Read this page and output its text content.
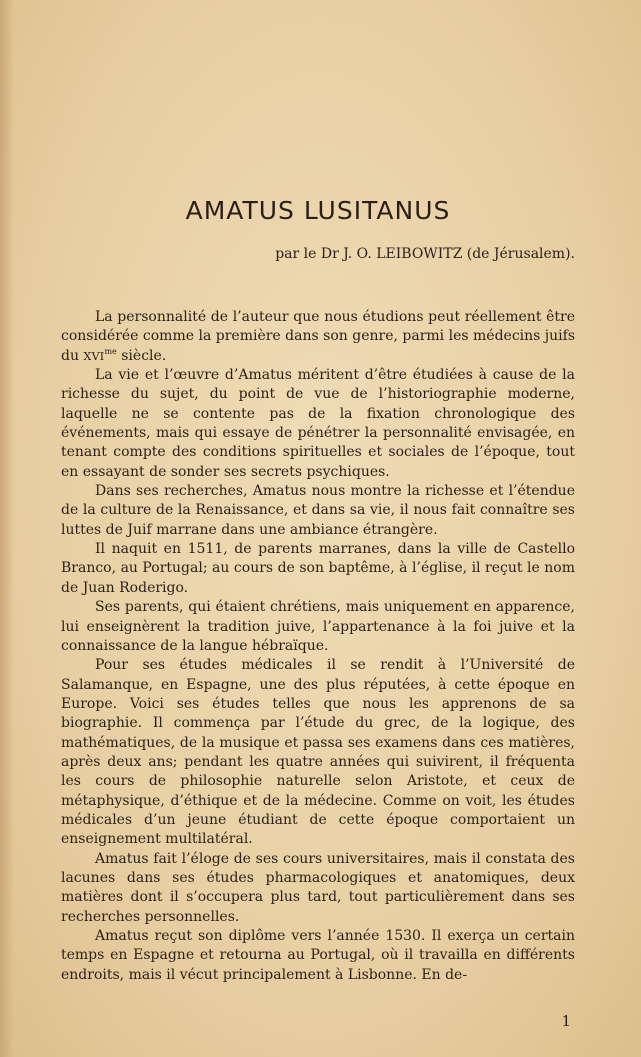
AMATUS LUSITANUS

par le Dr J. O. LEIBOWITZ (de Jérusalem).

La personnalité de l’auteur que nous étudions peut réellement être considérée comme la première dans son genre, parmi les médecins juifs du $XVI^{me}$ siècle.

La vie et l’œuvre d’Amatus méritent d’être étudiées à cause de la richesse du sujet, du point de vue de l’historiographie moderne, laquelle ne se contente pas de la fixation chronologique des événements, mais qui essaye de pénétrer la personnalité envisagée, en tenant compte des conditions spirituelles et sociales de l’époque, tout en essayant de sonder ses secrets psychiques.

Dans ses recherches, Amatus nous montre la richesse et l’étendue de la culture de la Renaissance, et dans sa vie, il nous fait connaître ses luttes de Juif marrane dans une ambiance étrangère.

Il naquit en 1511, de parents marranes, dans la ville de Castello Branco, au Portugal; au cours de son baptême, à l’église, il reçut le nom de Juan Roderigo.

Ses parents, qui étaient chrétiens, mais uniquement en apparence, lui enseignèrent la tradition juive, l’appartenance à la foi juive et la connaissance de la langue hébraïque.

Pour ses études médicales il se rendit à l’Université de Salamanque, en Espagne, une des plus réputées, à cette époque en Europe. Voici ses études telles que nous les apprenons de sa biographie. Il commença par l’étude du grec, de la logique, des mathématiques, de la musique et passa ses examens dans ces matières, après deux ans; pendant les quatre années qui suivirent, il fréquenta les cours de philosophie naturelle selon Aristote, et ceux de métaphysique, d’éthique et de la médecine. Comme on voit, les études médicales d’un jeune étudiant de cette époque comportaient un enseignement multilatéral.

Amatus fait l’éloge de ses cours universitaires, mais il constata des lacunes dans ses études pharmacologiques et anatomiques, deux matières dont il s’occupera plus tard, tout particulièrement dans ses recherches personnelles.

Amatus reçut son diplôme vers l’année 1530. Il exerça un certain temps en Espagne et retourna au Portugal, où il travailla en différents endroits, mais il vécut principalement à Lisbonne. En de-

1
